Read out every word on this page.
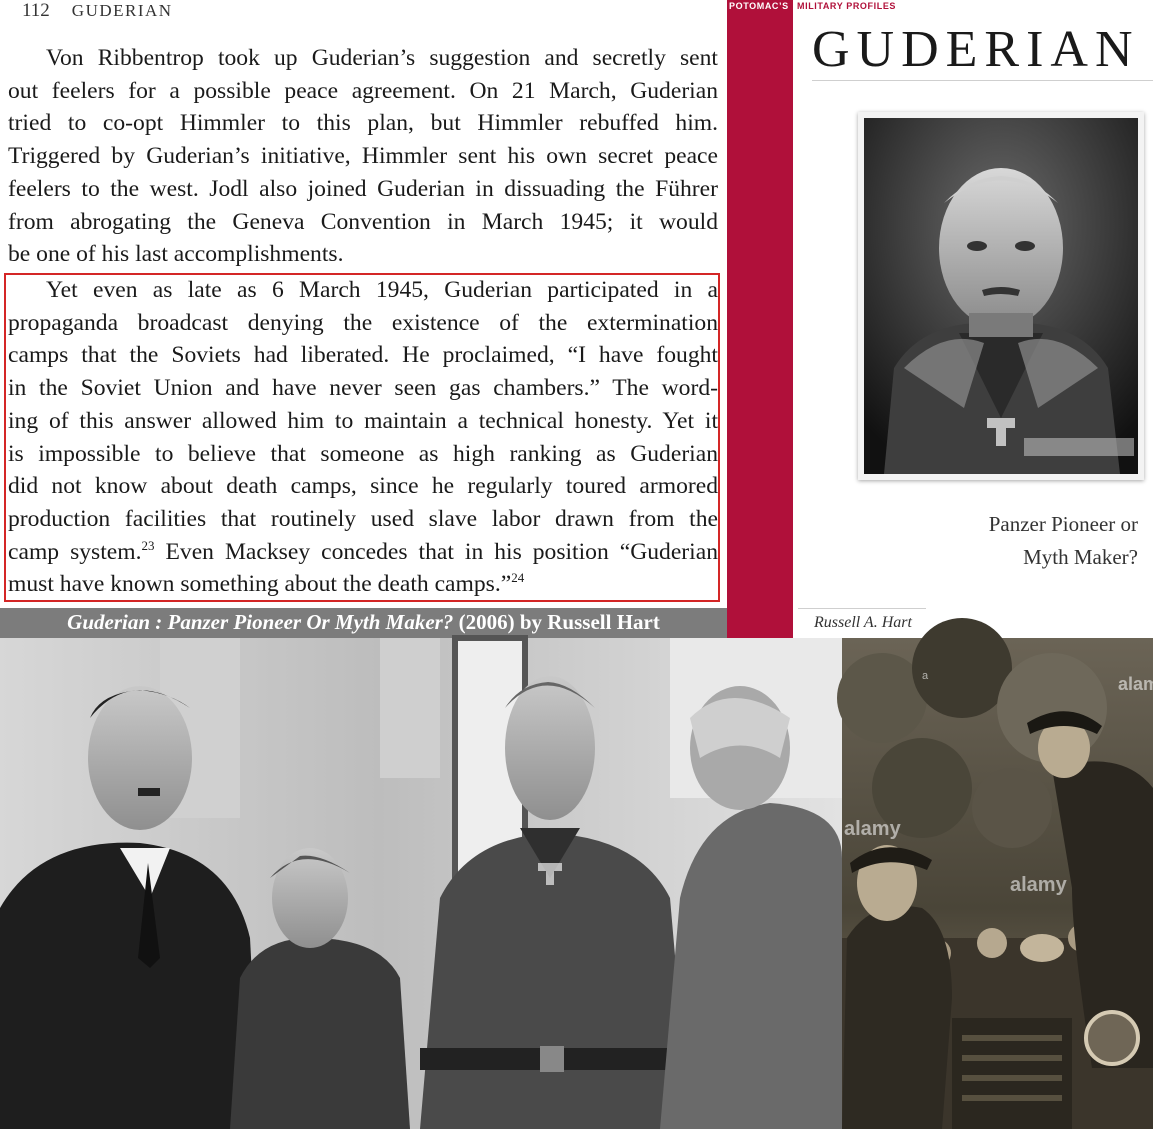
112 GUDERIAN

Von Ribbentrop took up Guderian’s suggestion and secretly sent
out feelers for a possible peace agreement. On 21 March, Guderian
tried to co-opt Himmler to this plan, but Himmler rebuffed him.
Triggered by Guderian’s initiative, Himmler sent his own secret peace
feelers to the west. Jodl also joined Guderian in dissuading the Führer
from abrogating the Geneva Convention in March 1945; it would
be one of his last accomplishments.

Yet even as late as 6 March 1945, Guderian participated in a
propaganda broadcast denying the existence of the extermination
camps that the Soviets had liberated. He proclaimed, “I have fought
in the Soviet Union and have never seen gas chambers.” The word-
ing of this answer allowed him to maintain a technical honesty. Yet it
is impossible to believe that someone as high ranking as Guderian
did not know about death camps, since he regularly toured armored
production facilities that routinely used slave labor drawn from the
camp system.$^{23}$ Even Macksey concedes that in his position “Guderian
must have known something about the death camps.”$^{24}$

Guderian : Panzer Pioneer Or Myth Maker? (2006) by Russell Hart
POTOMAC’S MILITARY PROFILES
GUDERIAN
Panzer Pioneer or
Myth Maker?
Russell A. Hart
a	alamy
alamy
alamy
